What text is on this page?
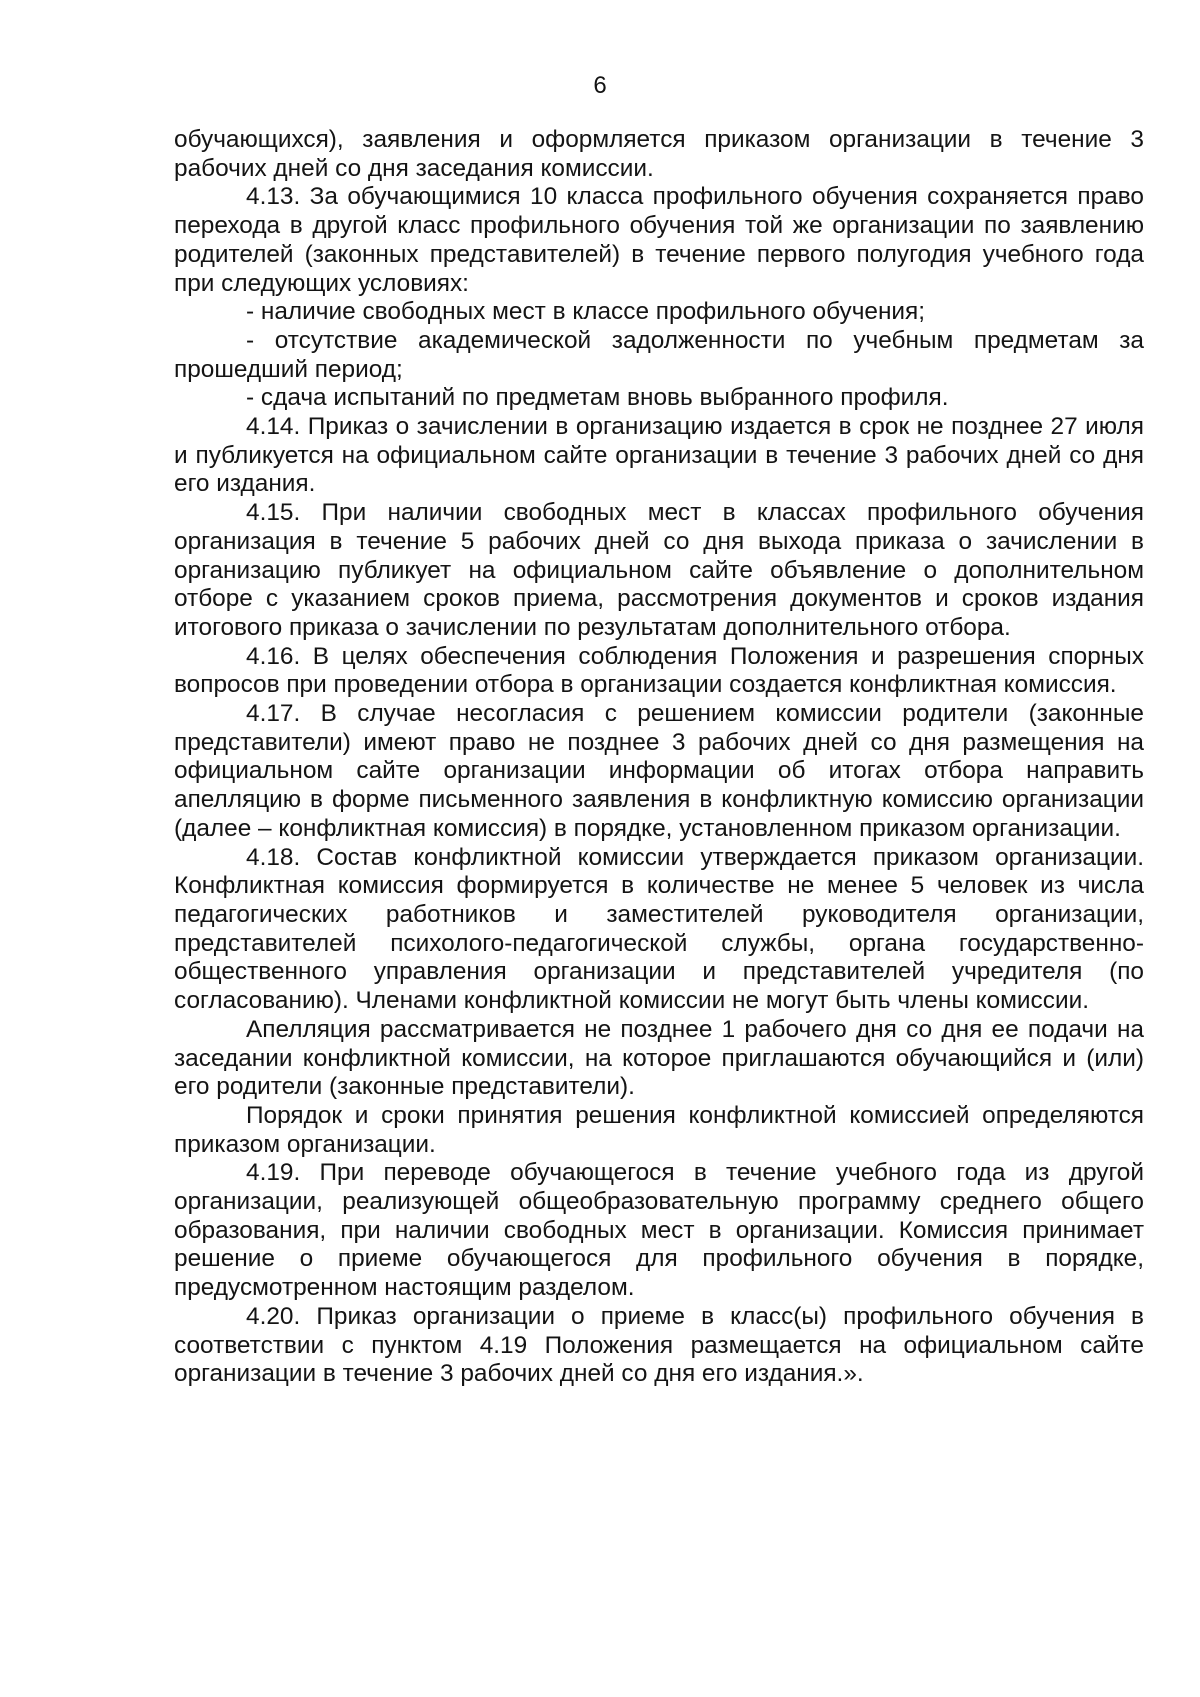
6

обучающихся), заявления и оформляется приказом организации в течение 3 рабочих дней со дня заседания комиссии.

4.13. За обучающимися 10 класса профильного обучения сохраняется право перехода в другой класс профильного обучения той же организации по заявлению родителей (законных представителей) в течение первого полугодия учебного года при следующих условиях:

- наличие свободных мест в классе профильного обучения;

- отсутствие академической задолженности по учебным предметам за прошедший период;

- сдача испытаний по предметам вновь выбранного профиля.

4.14. Приказ о зачислении в организацию издается в срок не позднее 27 июля и публикуется на официальном сайте организации в течение 3 рабочих дней со дня его издания.

4.15. При наличии свободных мест в классах профильного обучения организация в течение 5 рабочих дней со дня выхода приказа о зачислении в организацию публикует на официальном сайте объявление о дополнительном отборе с указанием сроков приема, рассмотрения документов и сроков издания итогового приказа о зачислении по результатам дополнительного отбора.

4.16. В целях обеспечения соблюдения Положения и разрешения спорных вопросов при проведении отбора в организации создается конфликтная комиссия.

4.17. В случае несогласия с решением комиссии родители (законные представители) имеют право не позднее 3 рабочих дней со дня размещения на официальном сайте организации информации об итогах отбора направить апелляцию в форме письменного заявления в конфликтную комиссию организации (далее – конфликтная комиссия) в порядке, установленном приказом организации.

4.18. Состав конфликтной комиссии утверждается приказом организации. Конфликтная комиссия формируется в количестве не менее 5 человек из числа педагогических работников и заместителей руководителя организации, представителей психолого-педагогической службы, органа государственно-общественного управления организации и представителей учредителя (по согласованию). Членами конфликтной комиссии не могут быть члены комиссии.

Апелляция рассматривается не позднее 1 рабочего дня со дня ее подачи на заседании конфликтной комиссии, на которое приглашаются обучающийся и (или) его родители (законные представители).

Порядок и сроки принятия решения конфликтной комиссией определяются приказом организации.

4.19. При переводе обучающегося в течение учебного года из другой организации, реализующей общеобразовательную программу среднего общего образования, при наличии свободных мест в организации. Комиссия принимает решение о приеме обучающегося для профильного обучения в порядке, предусмотренном настоящим разделом.

4.20. Приказ организации о приеме в класс(ы) профильного обучения в соответствии с пунктом 4.19 Положения размещается на официальном сайте организации в течение 3 рабочих дней со дня его издания.».
